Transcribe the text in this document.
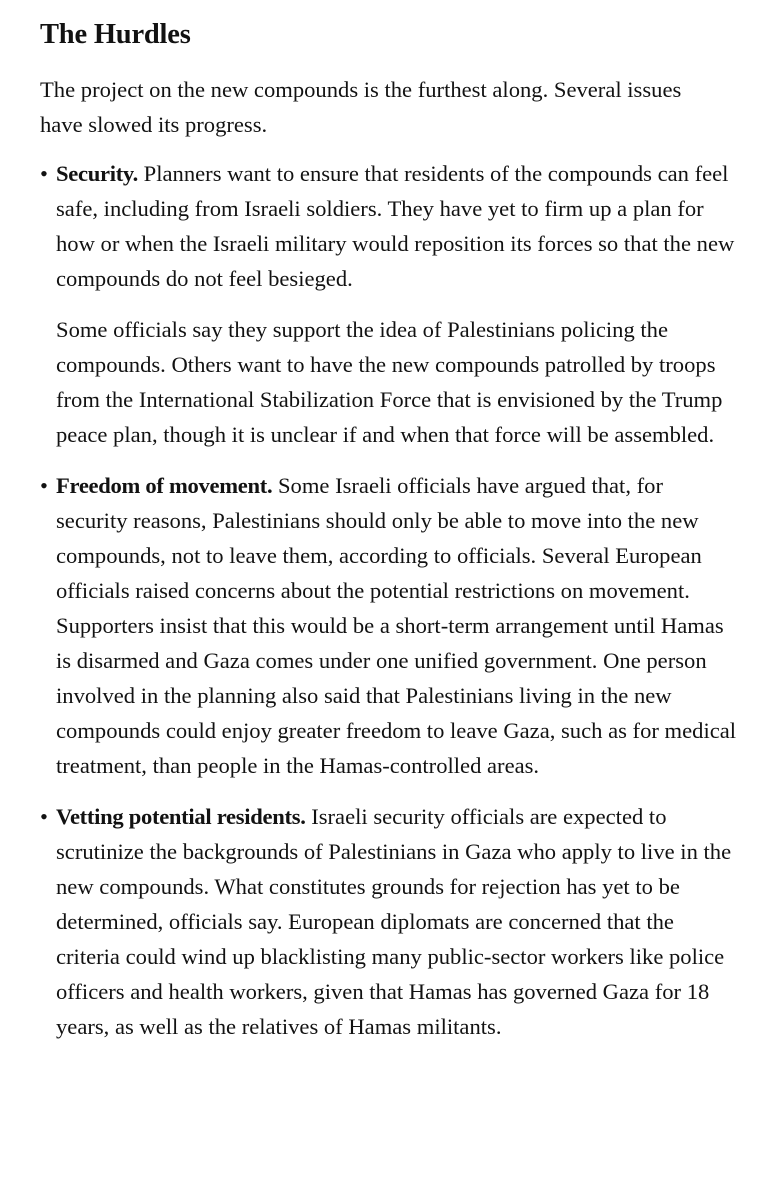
The Hurdles

The project on the new compounds is the furthest along. Several issues have slowed its progress.

• Security. Planners want to ensure that residents of the compounds can feel safe, including from Israeli soldiers. They have yet to firm up a plan for how or when the Israeli military would reposition its forces so that the new compounds do not feel besieged.

Some officials say they support the idea of Palestinians policing the compounds. Others want to have the new compounds patrolled by troops from the International Stabilization Force that is envisioned by the Trump peace plan, though it is unclear if and when that force will be assembled.

• Freedom of movement. Some Israeli officials have argued that, for security reasons, Palestinians should only be able to move into the new compounds, not to leave them, according to officials. Several European officials raised concerns about the potential restrictions on movement. Supporters insist that this would be a short-term arrangement until Hamas is disarmed and Gaza comes under one unified government. One person involved in the planning also said that Palestinians living in the new compounds could enjoy greater freedom to leave Gaza, such as for medical treatment, than people in the Hamas-controlled areas.

• Vetting potential residents. Israeli security officials are expected to scrutinize the backgrounds of Palestinians in Gaza who apply to live in the new compounds. What constitutes grounds for rejection has yet to be determined, officials say. European diplomats are concerned that the criteria could wind up blacklisting many public-sector workers like police officers and health workers, given that Hamas has governed Gaza for 18 years, as well as the relatives of Hamas militants.
